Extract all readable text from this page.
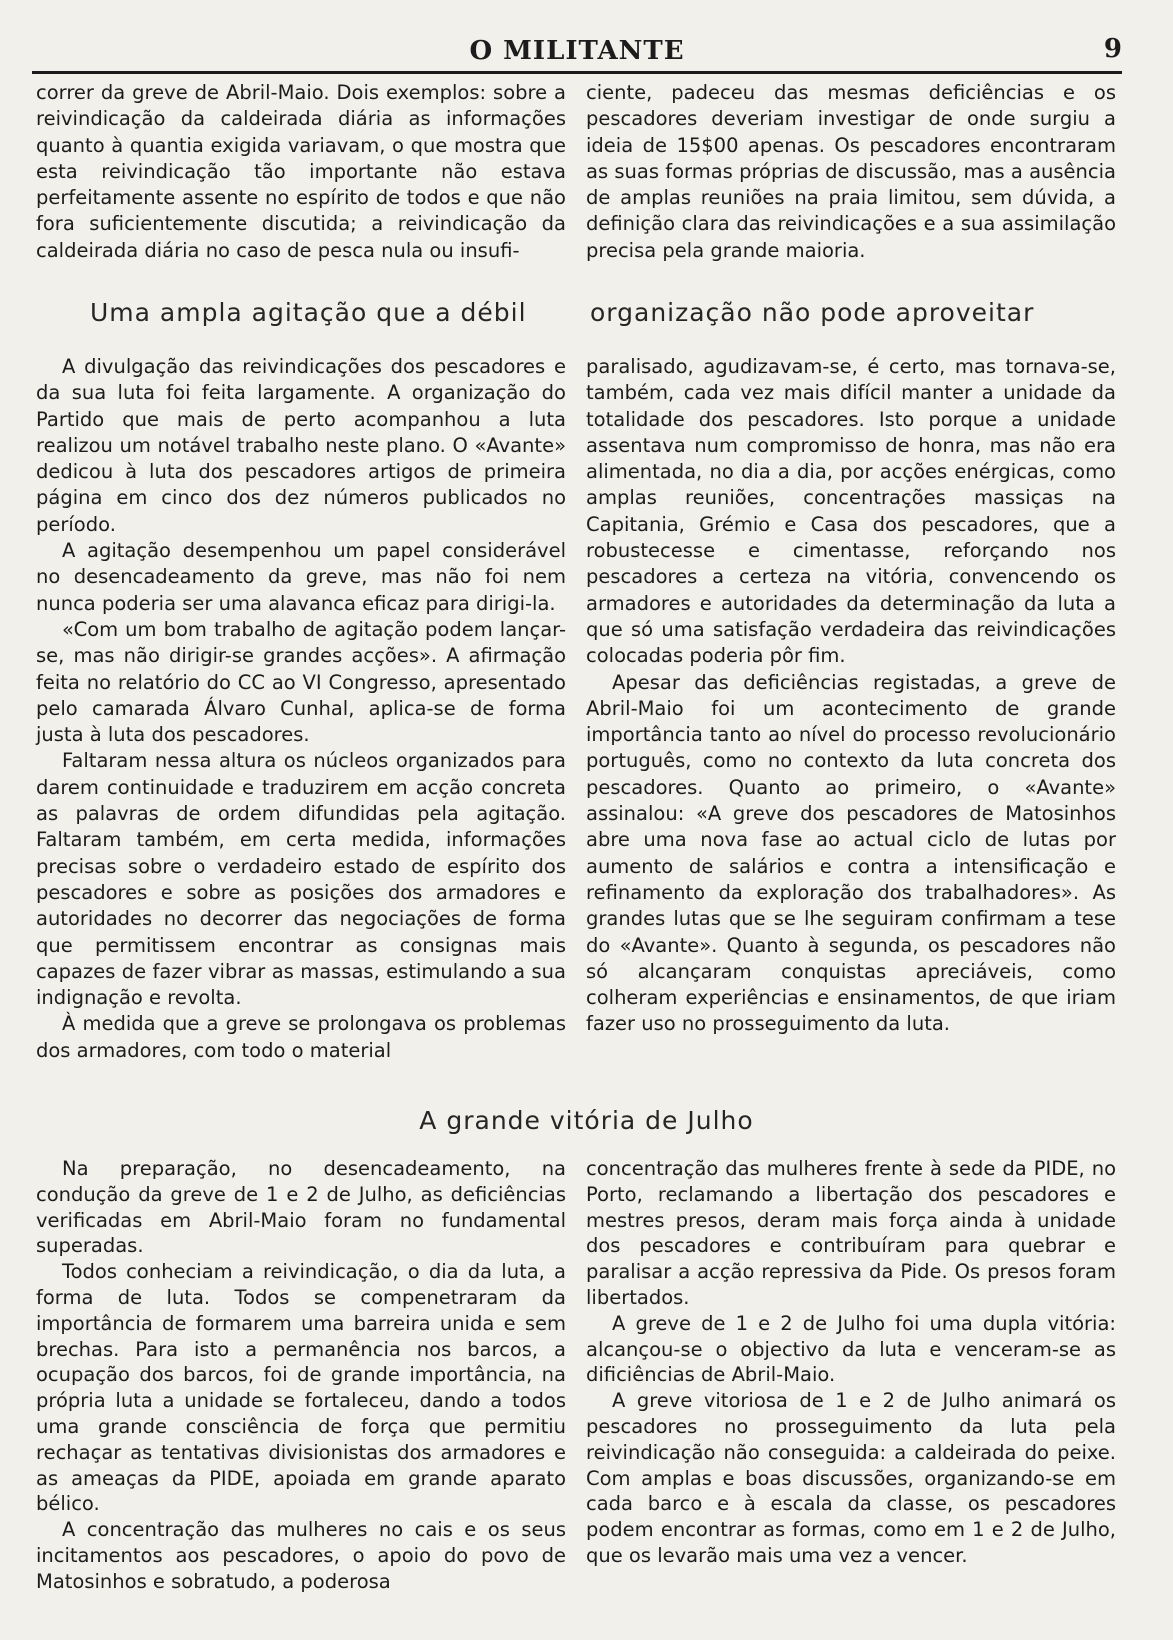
O MILITANTE	9

correr da greve de Abril-Maio. Dois exemplos: sobre a reivindicação da caldeirada diária as informações quanto à quantia exigida variavam, o que mostra que esta reivindicação tão importante não estava perfeitamente assente no espírito de todos e que não fora suficientemente discutida; a reivindicação da caldeirada diária no caso de pesca nula ou insufi-

ciente, padeceu das mesmas deficiências e os pescadores deveriam investigar de onde surgiu a ideia de 15$00 apenas. Os pescadores encontraram as suas formas próprias de discussão, mas a ausência de amplas reuniões na praia limitou, sem dúvida, a definição clara das reivindicações e a sua assimilação precisa pela grande maioria.

Uma ampla agitação que a débil	organização não pode aproveitar

A divulgação das reivindicações dos pescadores e da sua luta foi feita largamente. A organização do Partido que mais de perto acompanhou a luta realizou um notável trabalho neste plano. O «Avante» dedicou à luta dos pescadores artigos de primeira página em cinco dos dez números publicados no período.

A agitação desempenhou um papel considerável no desencadeamento da greve, mas não foi nem nunca poderia ser uma alavanca eficaz para dirigi-la.

«Com um bom trabalho de agitação podem lançar-se, mas não dirigir-se grandes acções». A afirmação feita no relatório do CC ao VI Congresso, apresentado pelo camarada Álvaro Cunhal, aplica-se de forma justa à luta dos pescadores.

Faltaram nessa altura os núcleos organizados para darem continuidade e traduzirem em acção concreta as palavras de ordem difundidas pela agitação. Faltaram também, em certa medida, informações precisas sobre o verdadeiro estado de espírito dos pescadores e sobre as posições dos armadores e autoridades no decorrer das negociações de forma que permitissem encontrar as consignas mais capazes de fazer vibrar as massas, estimulando a sua indignação e revolta.

À medida que a greve se prolongava os problemas dos armadores, com todo o material

paralisado, agudizavam-se, é certo, mas tornava-se, também, cada vez mais difícil manter a unidade da totalidade dos pescadores. Isto porque a unidade assentava num compromisso de honra, mas não era alimentada, no dia a dia, por acções enérgicas, como amplas reuniões, concentrações massiças na Capitania, Grémio e Casa dos pescadores, que a robustecesse e cimentasse, reforçando nos pescadores a certeza na vitória, convencendo os armadores e autoridades da determinação da luta a que só uma satisfação verdadeira das reivindicações colocadas poderia pôr fim.

Apesar das deficiências registadas, a greve de Abril-Maio foi um acontecimento de grande importância tanto ao nível do processo revolucionário português, como no contexto da luta concreta dos pescadores. Quanto ao primeiro, o «Avante» assinalou: «A greve dos pescadores de Matosinhos abre uma nova fase ao actual ciclo de lutas por aumento de salários e contra a intensificação e refinamento da exploração dos trabalhadores». As grandes lutas que se lhe seguiram confirmam a tese do «Avante». Quanto à segunda, os pescadores não só alcançaram conquistas apreciáveis, como colheram experiências e ensinamentos, de que iriam fazer uso no prosseguimento da luta.

A grande vitória de Julho

Na preparação, no desencadeamento, na condução da greve de 1 e 2 de Julho, as deficiências verificadas em Abril-Maio foram no fundamental superadas.

Todos conheciam a reivindicação, o dia da luta, a forma de luta. Todos se compenetraram da importância de formarem uma barreira unida e sem brechas. Para isto a permanência nos barcos, a ocupação dos barcos, foi de grande importância, na própria luta a unidade se fortaleceu, dando a todos uma grande consciência de força que permitiu rechaçar as tentativas divisionistas dos armadores e as ameaças da PIDE, apoiada em grande aparato bélico.

A concentração das mulheres no cais e os seus incitamentos aos pescadores, o apoio do povo de Matosinhos e sobratudo, a poderosa

concentração das mulheres frente à sede da PIDE, no Porto, reclamando a libertação dos pescadores e mestres presos, deram mais força ainda à unidade dos pescadores e contribuíram para quebrar e paralisar a acção repressiva da Pide. Os presos foram libertados.

A greve de 1 e 2 de Julho foi uma dupla vitória: alcançou-se o objectivo da luta e venceram-se as dificiências de Abril-Maio.

A greve vitoriosa de 1 e 2 de Julho animará os pescadores no prosseguimento da luta pela reivindicação não conseguida: a caldeirada do peixe. Com amplas e boas discussões, organizando-se em cada barco e à escala da classe, os pescadores podem encontrar as formas, como em 1 e 2 de Julho, que os levarão mais uma vez a vencer.
